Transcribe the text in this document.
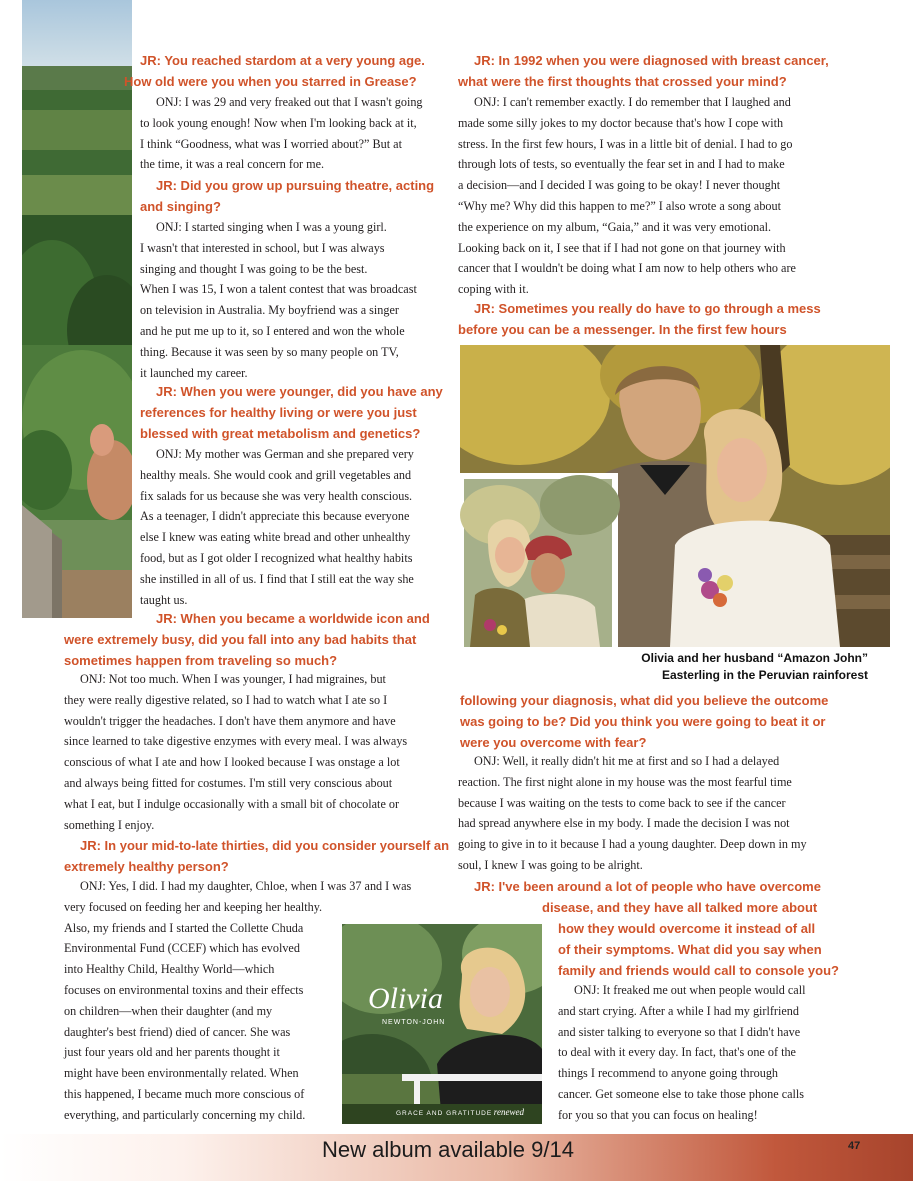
JR: You reached stardom at a very young age.
How old were you when you starred in Grease?
ONJ: I was 29 and very freaked out that I wasn't going
to look young enough! Now when I'm looking back at it,
I think “Goodness, what was I worried about?” But at
the time, it was a real concern for me.
JR: Did you grow up pursuing theatre, acting
and singing?
ONJ: I started singing when I was a young girl.
I wasn't that interested in school, but I was always
singing and thought I was going to be the best.
When I was 15, I won a talent contest that was broadcast
on television in Australia. My boyfriend was a singer
and he put me up to it, so I entered and won the whole
thing. Because it was seen by so many people on TV,
it launched my career.
JR: When you were younger, did you have any
references for healthy living or were you just
blessed with great metabolism and genetics?
ONJ: My mother was German and she prepared very
healthy meals. She would cook and grill vegetables and
fix salads for us because she was very health conscious.
As a teenager, I didn't appreciate this because everyone
else I knew was eating white bread and other unhealthy
food, but as I got older I recognized what healthy habits
she instilled in all of us. I find that I still eat the way she
taught us.
JR: When you became a worldwide icon and
were extremely busy, did you fall into any bad habits that
sometimes happen from traveling so much?
ONJ: Not too much. When I was younger, I had migraines, but
they were really digestive related, so I had to watch what I ate so I
wouldn't trigger the headaches. I don't have them anymore and have
since learned to take digestive enzymes with every meal. I was always
conscious of what I ate and how I looked because I was onstage a lot
and always being fitted for costumes. I'm still very conscious about
what I eat, but I indulge occasionally with a small bit of chocolate or
something I enjoy.
JR: In your mid-to-late thirties, did you consider yourself an
extremely healthy person?
ONJ: Yes, I did. I had my daughter, Chloe, when I was 37 and I was
very focused on feeding her and keeping her healthy.
Also, my friends and I started the Collette Chuda
Environmental Fund (CCEF) which has evolved
into Healthy Child, Healthy World—which
focuses on environmental toxins and their effects
on children—when their daughter (and my
daughter's best friend) died of cancer. She was
just four years old and her parents thought it
might have been environmentally related. When
this happened, I became much more conscious of
everything, and particularly concerning my child.
Olivia
NEWTON-JOHN
GRACE AND GRATITUDE renewed
JR: In 1992 when you were diagnosed with breast cancer,
what were the first thoughts that crossed your mind?
ONJ: I can't remember exactly. I do remember that I laughed and
made some silly jokes to my doctor because that's how I cope with
stress. In the first few hours, I was in a little bit of denial. I had to go
through lots of tests, so eventually the fear set in and I had to make
a decision—and I decided I was going to be okay! I never thought
“Why me? Why did this happen to me?” I also wrote a song about
the experience on my album, “Gaia,” and it was very emotional.
Looking back on it, I see that if I had not gone on that journey with
cancer that I wouldn't be doing what I am now to help others who are
coping with it.
JR: Sometimes you really do have to go through a mess
before you can be a messenger. In the first few hours
Olivia and her husband “Amazon John”
Easterling in the Peruvian rainforest
following your diagnosis, what did you believe the outcome
was going to be? Did you think you were going to beat it or
were you overcome with fear?
ONJ: Well, it really didn't hit me at first and so I had a delayed
reaction. The first night alone in my house was the most fearful time
because I was waiting on the tests to come back to see if the cancer
had spread anywhere else in my body. I made the decision I was not
going to give in to it because I had a young daughter. Deep down in my
soul, I knew I was going to be alright.
JR: I've been around a lot of people who have overcome
disease, and they have all talked more about
how they would overcome it instead of all
of their symptoms. What did you say when
family and friends would call to console you?
ONJ: It freaked me out when people would call
and start crying. After a while I had my girlfriend
and sister talking to everyone so that I didn't have
to deal with it every day. In fact, that's one of the
things I recommend to anyone going through
cancer. Get someone else to take those phone calls
for you so that you can focus on healing!
New album available 9/14	47
